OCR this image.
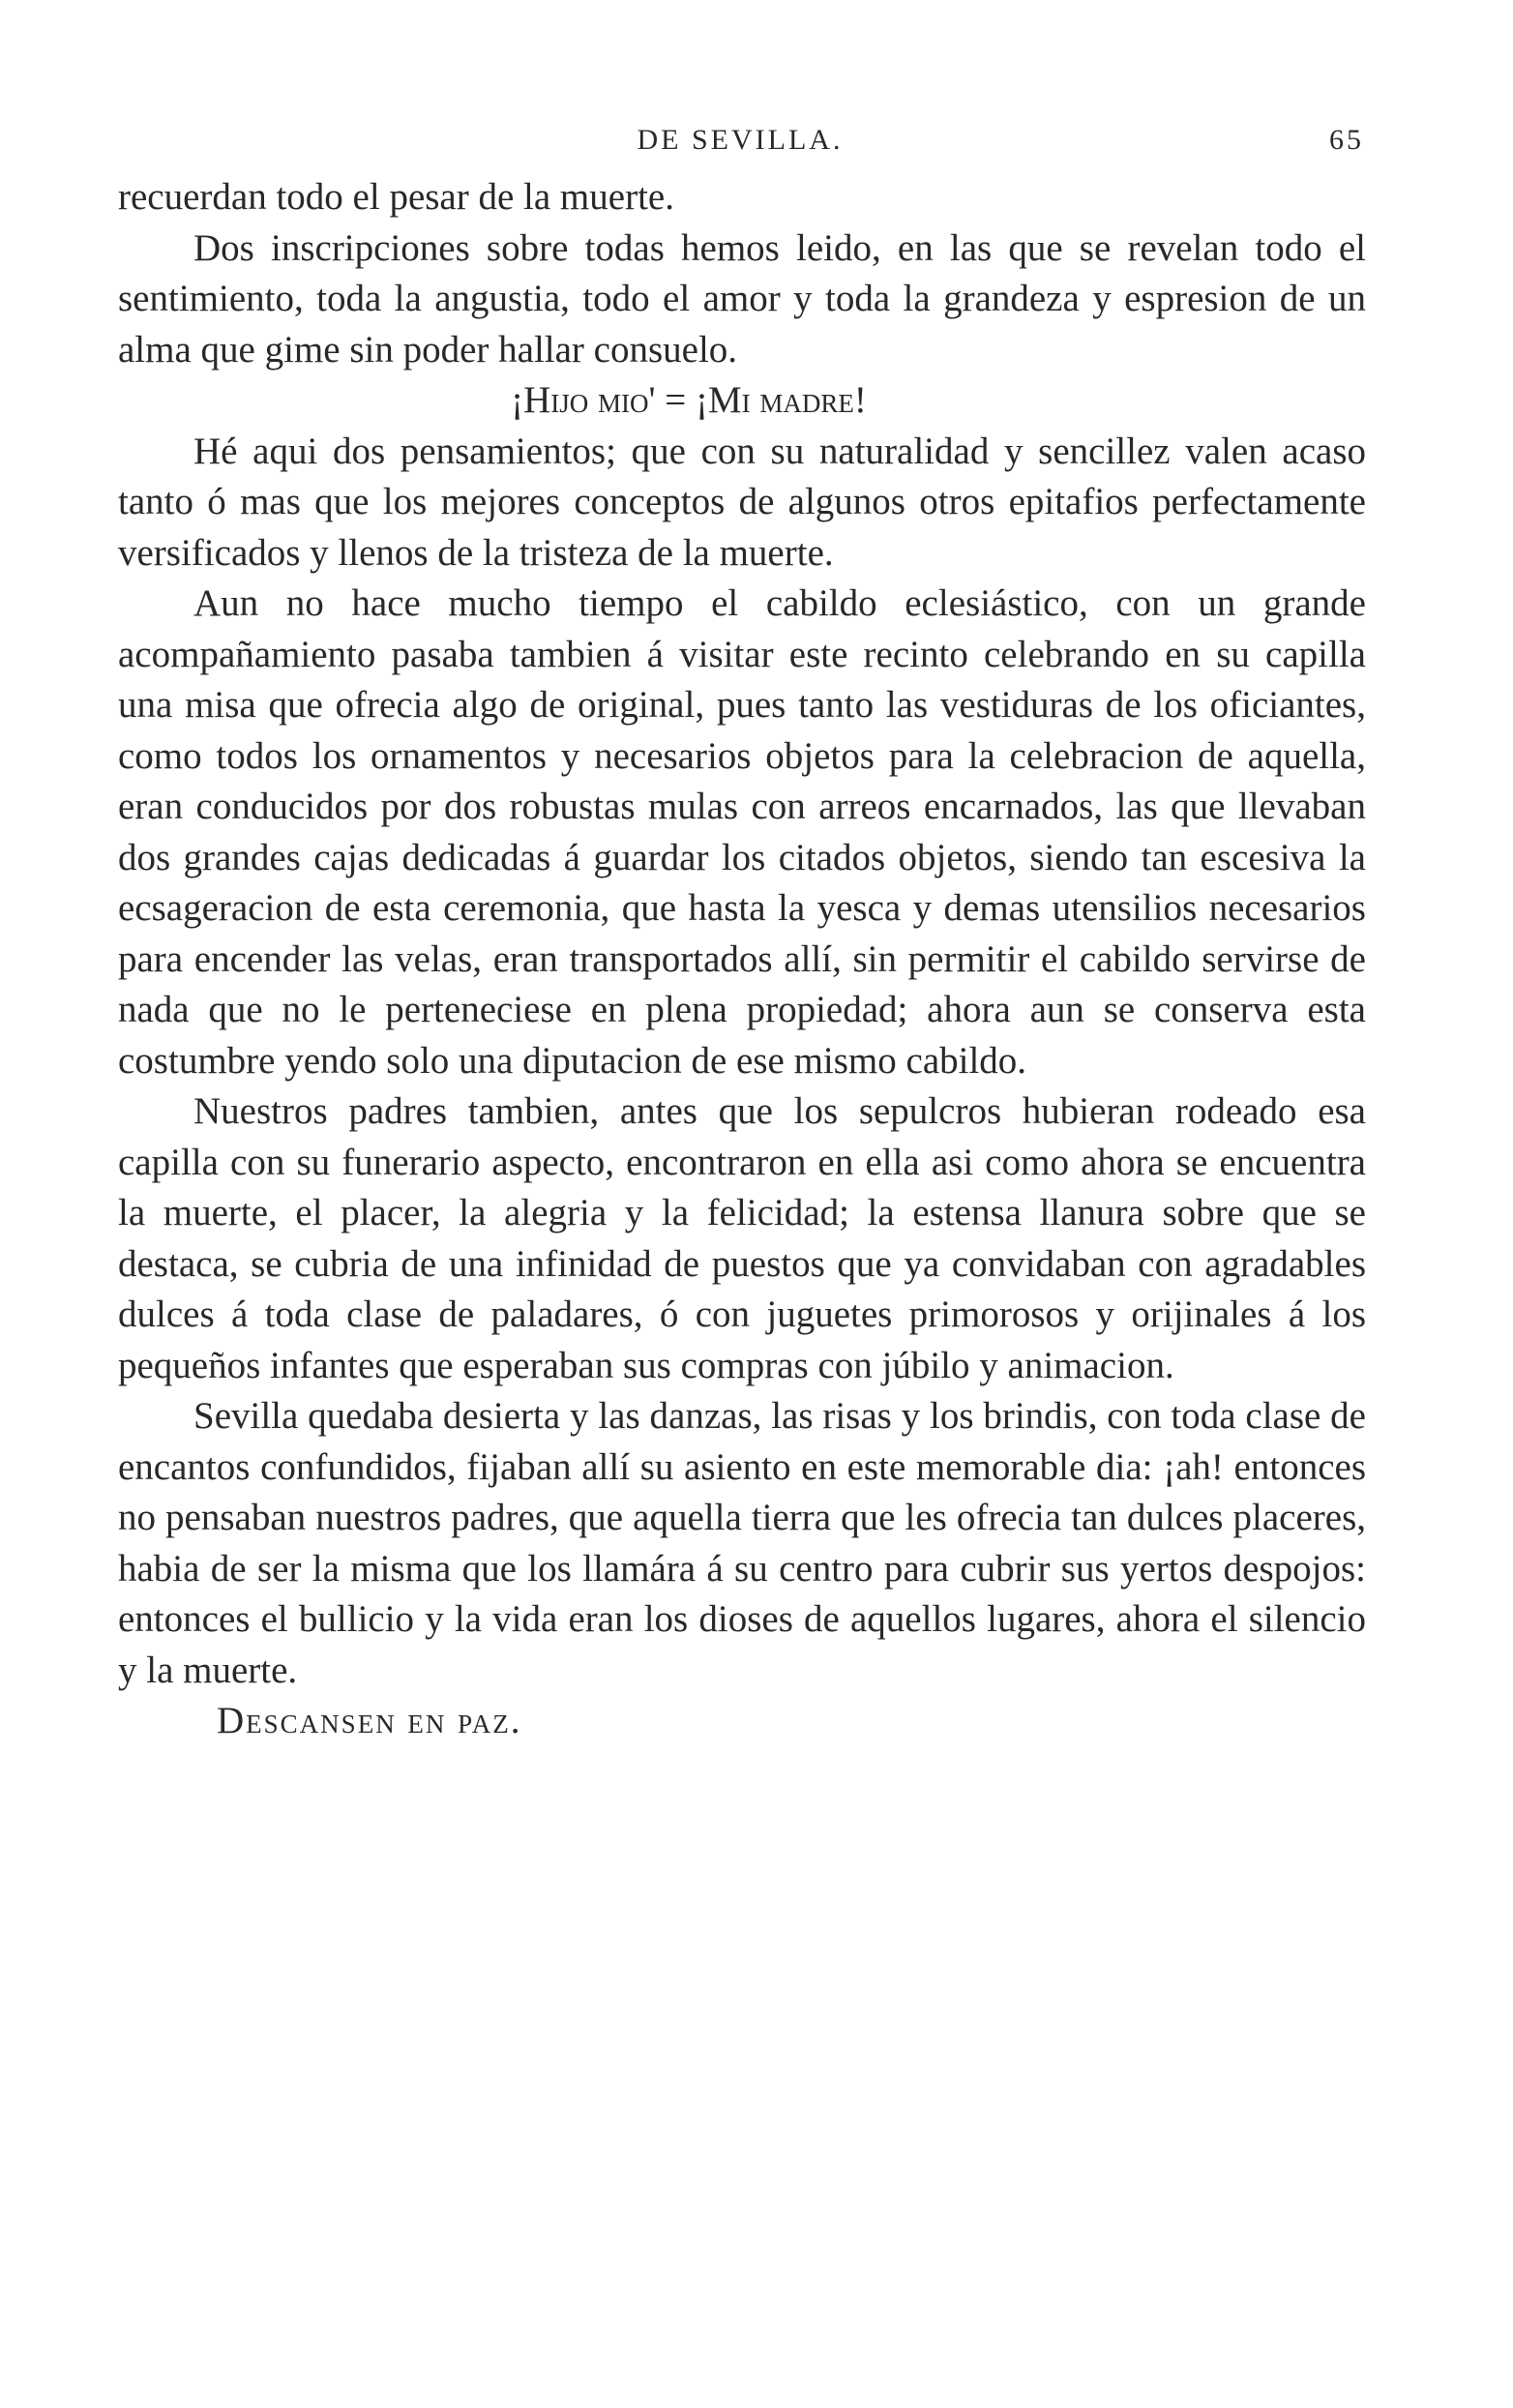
DE SEVILLA.	65

recuerdan todo el pesar de la muerte.

Dos inscripciones sobre todas hemos leido, en las que se revelan todo el sentimiento, toda la angustia, todo el amor y toda la grandeza y espresion de un alma que gime sin poder hallar consuelo.

¡Hijo mio' = ¡Mi madre!

Hé aqui dos pensamientos; que con su naturalidad y sencillez valen acaso tanto ó mas que los mejores conceptos de algunos otros epitafios perfectamente versificados y llenos de la tristeza de la muerte.

Aun no hace mucho tiempo el cabildo eclesiástico, con un grande acompañamiento pasaba tambien á visitar este recinto celebrando en su capilla una misa que ofrecia algo de original, pues tanto las vestiduras de los oficiantes, como todos los ornamentos y necesarios objetos para la celebracion de aquella, eran conducidos por dos robustas mulas con arreos encarnados, las que llevaban dos grandes cajas dedicadas á guardar los citados objetos, siendo tan escesiva la ecsageracion de esta ceremonia, que hasta la yesca y demas utensilios necesarios para encender las velas, eran transportados allí, sin permitir el cabildo servirse de nada que no le perteneciese en plena propiedad; ahora aun se conserva esta costumbre yendo solo una diputacion de ese mismo cabildo.

Nuestros padres tambien, antes que los sepulcros hubieran rodeado esa capilla con su funerario aspecto, encontraron en ella asi como ahora se encuentra la muerte, el placer, la alegria y la felicidad; la estensa llanura sobre que se destaca, se cubria de una infinidad de puestos que ya convidaban con agradables dulces á toda clase de paladares, ó con juguetes primorosos y orijinales á los pequeños infantes que esperaban sus compras con júbilo y animacion.

Sevilla quedaba desierta y las danzas, las risas y los brindis, con toda clase de encantos confundidos, fijaban allí su asiento en este memorable dia: ¡ah! entonces no pensaban nuestros padres, que aquella tierra que les ofrecia tan dulces placeres, habia de ser la misma que los llamára á su centro para cubrir sus yertos despojos: entonces el bullicio y la vida eran los dioses de aquellos lugares, ahora el silencio y la muerte.

Descansen en paz.
